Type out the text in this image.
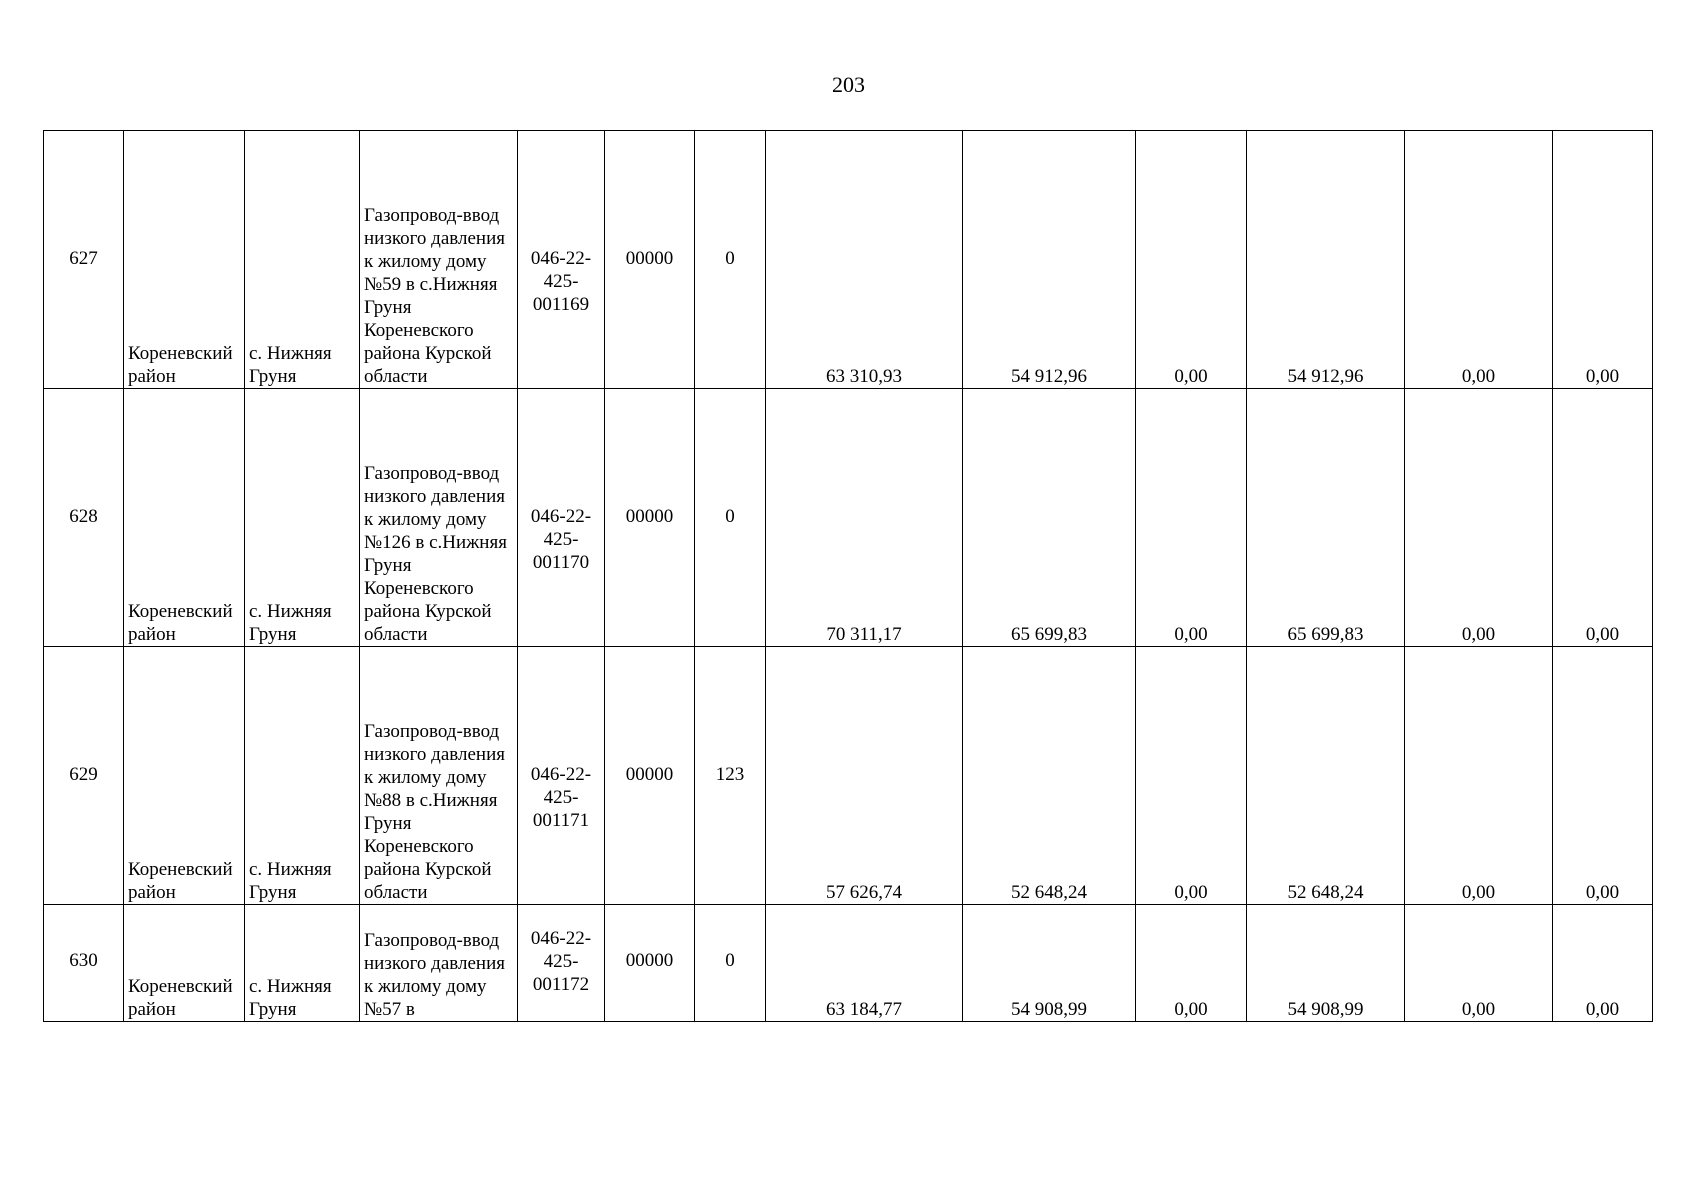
203
627	Кореневский район	с. Нижняя Груня	Газопровод-ввод низкого давления к жилому дому №59 в с.Нижняя Груня Кореневского района Курской области	046-22-425-001169	00000	0	63 310,93	54 912,96	0,00	54 912,96	0,00	0,00

628	Кореневский район	с. Нижняя Груня	Газопровод-ввод низкого давления к жилому дому №126 в с.Нижняя Груня Кореневского района Курской области	046-22-425-001170	00000	0	70 311,17	65 699,83	0,00	65 699,83	0,00	0,00

629	Кореневский район	с. Нижняя Груня	Газопровод-ввод низкого давления к жилому дому №88 в с.Нижняя Груня Кореневского района Курской области	046-22-425-001171	00000	123	57 626,74	52 648,24	0,00	52 648,24	0,00	0,00

630	Кореневский район	с. Нижняя Груня	Газопровод-ввод низкого давления к жилому дому №57 в	046-22-425-001172	00000	0	63 184,77	54 908,99	0,00	54 908,99	0,00	0,00
